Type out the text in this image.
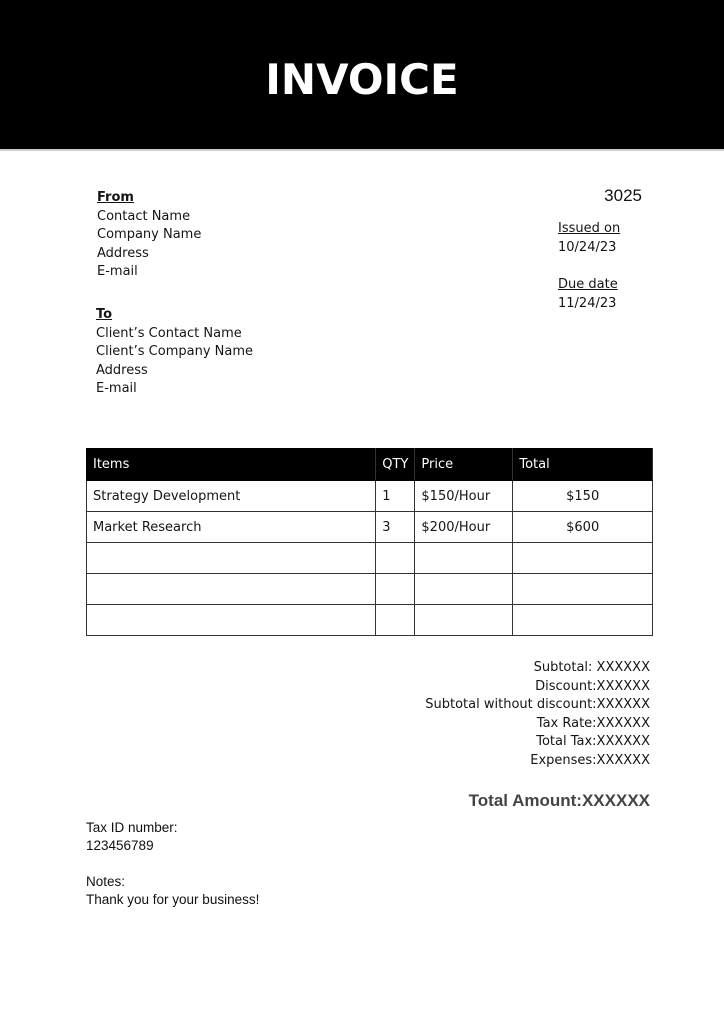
INVOICE
From
Contact Name
Company Name
Address
E-mail
To
Client’s Contact Name
Client’s Company Name
Address
E-mail
3025
Issued on
10/24/23
Due date
11/24/23
Items	QTY	Price	Total
Strategy Development	1	$150/Hour	$150
Market Research	3	$200/Hour	$600

Subtotal: XXXXXX
Discount:XXXXXX
Subtotal without discount:XXXXXX
Tax Rate:XXXXXX
Total Tax:XXXXXX
Expenses:XXXXXX
Total Amount:XXXXXX
Tax ID number:
123456789
Notes:
Thank you for your business!
